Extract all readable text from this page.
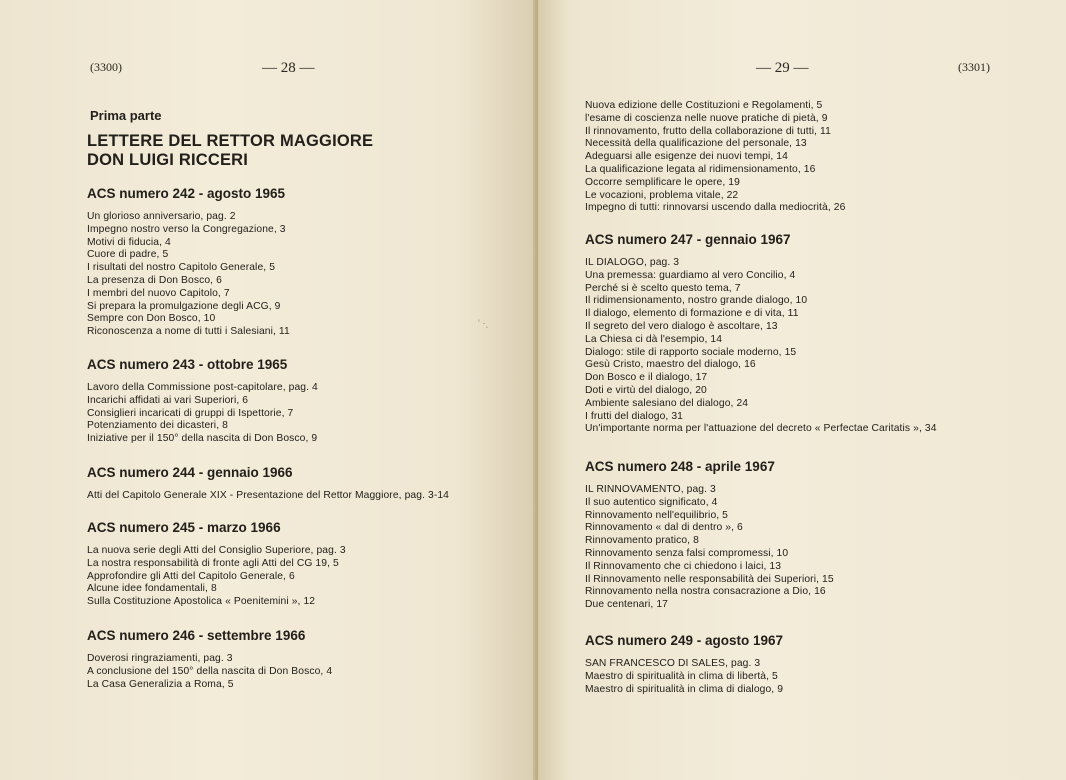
(3300)	— 28 —
Prima parte
LETTERE DEL RETTOR MAGGIORE
DON LUIGI RICCERI
ACS numero 242 - agosto 1965
Un glorioso anniversario, pag. 2
Impegno nostro verso la Congregazione, 3
Motivi di fiducia, 4
Cuore di padre, 5
I risultati del nostro Capitolo Generale, 5
La presenza di Don Bosco, 6
I membri del nuovo Capitolo, 7
Si prepara la promulgazione degli ACG, 9
Sempre con Don Bosco, 10
Riconoscenza a nome di tutti i Salesiani, 11
ACS numero 243 - ottobre 1965
Lavoro della Commissione post-capitolare, pag. 4
Incarichi affidati ai vari Superiori, 6
Consiglieri incaricati di gruppi di Ispettorie, 7
Potenziamento dei dicasteri, 8
Iniziative per il 150° della nascita di Don Bosco, 9
ACS numero 244 - gennaio 1966
Atti del Capitolo Generale XIX - Presentazione del Rettor Maggiore, pag. 3-14
ACS numero 245 - marzo 1966
La nuova serie degli Atti del Consiglio Superiore, pag. 3
La nostra responsabilità di fronte agli Atti del CG 19, 5
Approfondire gli Atti del Capitolo Generale, 6
Alcune idee fondamentali, 8
Sulla Costituzione Apostolica « Poenitemini », 12
ACS numero 246 - settembre 1966
Doverosi ringraziamenti, pag. 3
A conclusione del 150° della nascita di Don Bosco, 4
La Casa Generalizia a Roma, 5
ʻ ·ˎ
— 29 —	(3301)
Nuova edizione delle Costituzioni e Regolamenti, 5
l'esame di coscienza nelle nuove pratiche di pietà, 9
Il rinnovamento, frutto della collaborazione di tutti, 11
Necessità della qualificazione del personale, 13
Adeguarsi alle esigenze dei nuovi tempi, 14
La qualificazione legata al ridimensionamento, 16
Occorre semplificare le opere, 19
Le vocazioni, problema vitale, 22
Impegno di tutti: rinnovarsi uscendo dalla mediocrità, 26
ACS numero 247 - gennaio 1967
IL DIALOGO, pag. 3
Una premessa: guardiamo al vero Concilio, 4
Perché si è scelto questo tema, 7
Il ridimensionamento, nostro grande dialogo, 10
Il dialogo, elemento di formazione e di vita, 11
Il segreto del vero dialogo è ascoltare, 13
La Chiesa ci dà l'esempio, 14
Dialogo: stile di rapporto sociale moderno, 15
Gesù Cristo, maestro del dialogo, 16
Don Bosco e il dialogo, 17
Doti e virtù del dialogo, 20
Ambiente salesiano del dialogo, 24
I frutti del dialogo, 31
Un'importante norma per l'attuazione del decreto « Perfectae Caritatis », 34
ACS numero 248 - aprile 1967
IL RINNOVAMENTO, pag. 3
Il suo autentico significato, 4
Rinnovamento nell'equilibrio, 5
Rinnovamento « dal di dentro », 6
Rinnovamento pratico, 8
Rinnovamento senza falsi compromessi, 10
Il Rinnovamento che ci chiedono i laici, 13
Il Rinnovamento nelle responsabilità dei Superiori, 15
Rinnovamento nella nostra consacrazione a Dio, 16
Due centenari, 17
ACS numero 249 - agosto 1967
SAN FRANCESCO DI SALES, pag. 3
Maestro di spiritualità in clima di libertà, 5
Maestro di spiritualità in clima di dialogo, 9
